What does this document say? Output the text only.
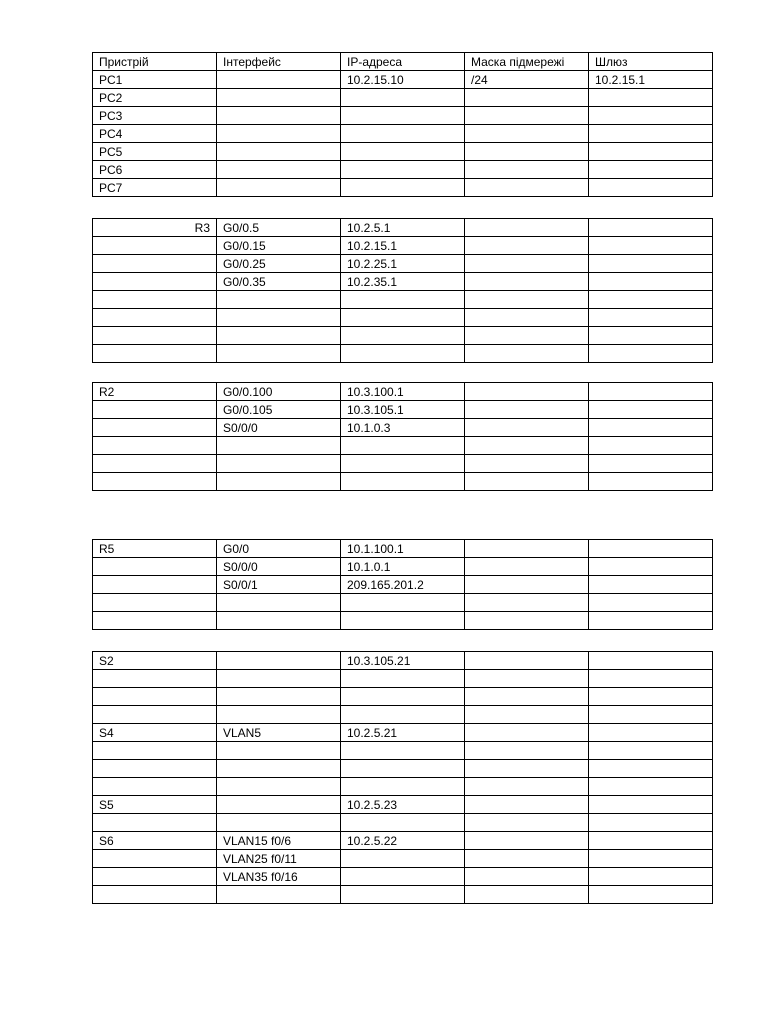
Пристрій	Інтерфейс	IP-адреса	Маска підмережі	Шлюз
PC1		10.2.15.10	/24	10.2.15.1
PC2				
PC3				
PC4				
PC5				
PC6				
PC7				
R3	G0/0.5	10.2.5.1		
	G0/0.15	10.2.15.1		
	G0/0.25	10.2.25.1		
	G0/0.35	10.2.35.1		

R2	G0/0.100	10.3.100.1		
	G0/0.105	10.3.105.1		
	S0/0/0	10.1.0.3		

R5	G0/0	10.1.100.1		
	S0/0/0	10.1.0.1		
	S0/0/1	209.165.201.2		

S2		10.3.105.21		

S4	VLAN5	10.2.5.21		

S5		10.2.5.23		

S6	VLAN15 f0/6	10.2.5.22		
	VLAN25 f0/11			
	VLAN35 f0/16			
